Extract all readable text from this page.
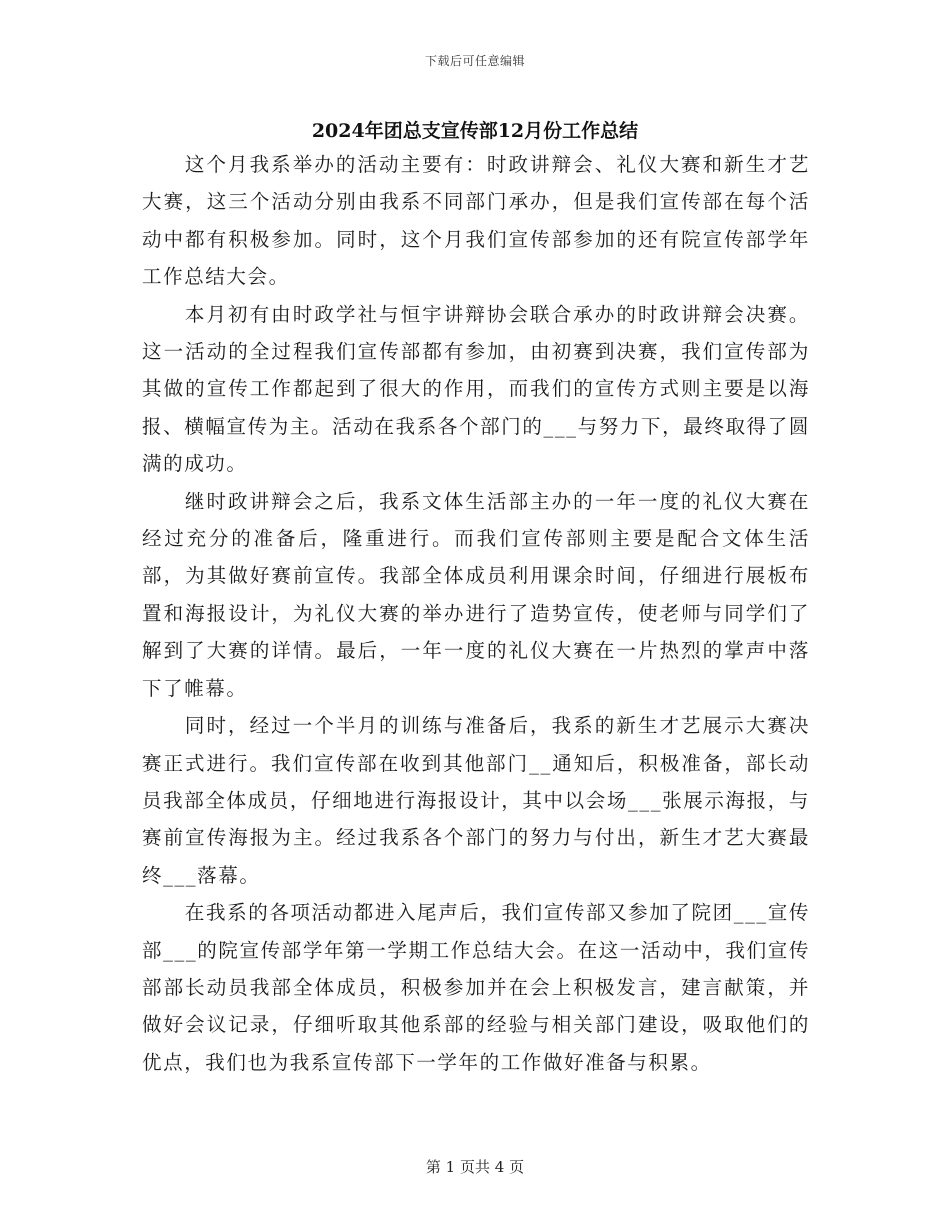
下载后可任意编辑
2024年团总支宣传部12月份工作总结

这个月我系举办的活动主要有：时政讲辩会、礼仪大赛和新生才艺大赛，这三个活动分别由我系不同部门承办，但是我们宣传部在每个活动中都有积极参加。同时，这个月我们宣传部参加的还有院宣传部学年工作总结大会。

本月初有由时政学社与恒宇讲辩协会联合承办的时政讲辩会决赛。这一活动的全过程我们宣传部都有参加，由初赛到决赛，我们宣传部为其做的宣传工作都起到了很大的作用，而我们的宣传方式则主要是以海报、横幅宣传为主。活动在我系各个部门的___与努力下，最终取得了圆满的成功。

继时政讲辩会之后，我系文体生活部主办的一年一度的礼仪大赛在经过充分的准备后，隆重进行。而我们宣传部则主要是配合文体生活部，为其做好赛前宣传。我部全体成员利用课余时间，仔细进行展板布置和海报设计，为礼仪大赛的举办进行了造势宣传，使老师与同学们了解到了大赛的详情。最后，一年一度的礼仪大赛在一片热烈的掌声中落下了帷幕。

同时，经过一个半月的训练与准备后，我系的新生才艺展示大赛决赛正式进行。我们宣传部在收到其他部门__通知后，积极准备，部长动员我部全体成员，仔细地进行海报设计，其中以会场___张展示海报，与赛前宣传海报为主。经过我系各个部门的努力与付出，新生才艺大赛最终___落幕。

在我系的各项活动都进入尾声后，我们宣传部又参加了院团___宣传部___的院宣传部学年第一学期工作总结大会。在这一活动中，我们宣传部部长动员我部全体成员，积极参加并在会上积极发言，建言献策，并做好会议记录，仔细听取其他系部的经验与相关部门建设，吸取他们的优点，我们也为我系宣传部下一学年的工作做好准备与积累。

第 1 页共 4 页
